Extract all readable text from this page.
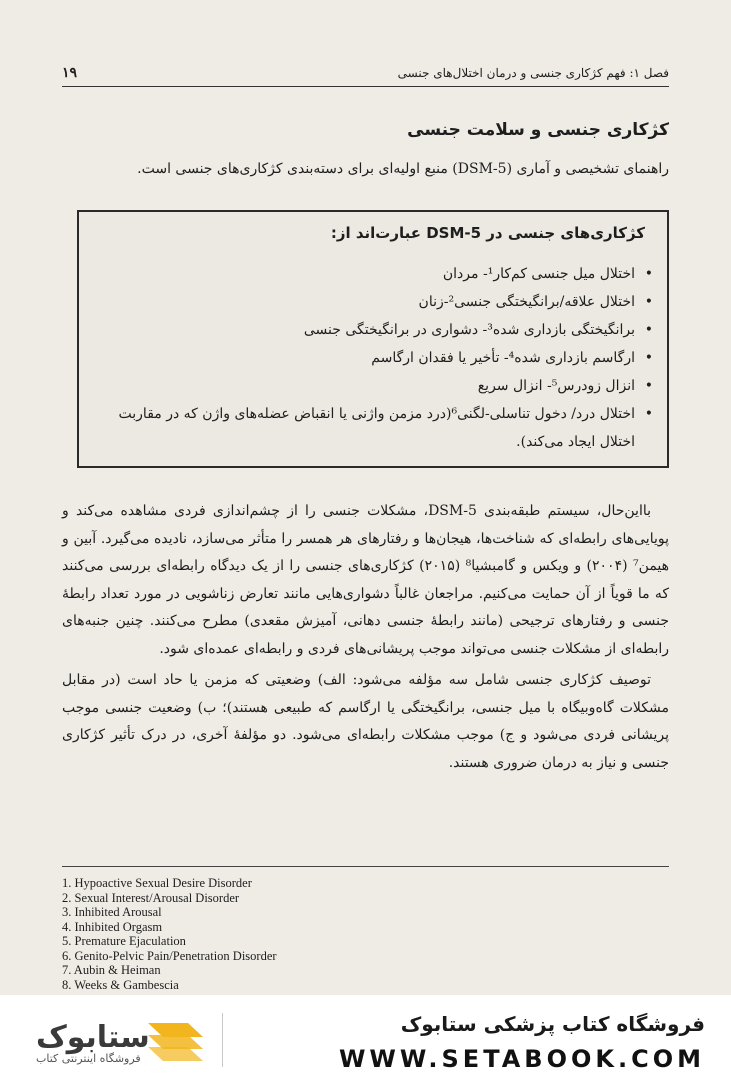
۱۹	فصل ۱: فهم کژکاری جنسی و درمان اختلال‌های جنسی
کژکاری جنسی و سلامت جنسی
راهنمای تشخیصی و آماری (DSM-5) منبع اولیه‌ای برای دسته‌بندی کژکاری‌های جنسی است.
کژکاری‌های جنسی در DSM-5 عبارت‌اند از:
•
اختلال میل جنسی کم‌کار¹- مردان
•
اختلال علاقه/برانگیختگی جنسی²-زنان
•
برانگیختگی بازداری شده³- دشواری در برانگیختگی جنسی
•
ارگاسم بازداری شده⁴- تأخیر یا فقدان ارگاسم
•
انزال زودرس⁵- انزال سریع
•
اختلال درد/ دخول تناسلی-لگنی⁶(درد مزمن واژنی یا انقباض عضله‌های واژن که در مقاربت اختلال ایجاد می‌کند).

بااین‌حال، سیستم طبقه‌بندی DSM-5، مشکلات جنسی را از چشم‌اندازی فردی مشاهده می‌کند و پویایی‌های رابطه‌ای که شناخت‌ها، هیجان‌ها و رفتارهای هر همسر را متأثر می‌سازد، نادیده می‌گیرد. آبین و هیمن⁷ (۲۰۰۴) و ویکس و گامبشیا⁸ (۲۰۱۵) کژکاری‌های جنسی را از یک دیدگاه رابطه‌ای بررسی می‌کنند که ما قویاً از آن حمایت می‌کنیم. مراجعان غالباً دشواری‌هایی مانند تعارض زناشویی در مورد تعداد رابطهٔ جنسی و رفتارهای ترجیحی (مانند رابطهٔ جنسی دهانی، آمیزش مقعدی) مطرح می‌کنند. چنین جنبه‌های رابطه‌ای از مشکلات جنسی می‌تواند موجب پریشانی‌های فردی و رابطه‌ای عمده‌ای شود.

توصیف کژکاری جنسی شامل سه مؤلفه می‌شود: الف) وضعیتی که مزمن یا حاد است (در مقابل مشکلات گاه‌وبیگاه با میل جنسی، برانگیختگی یا ارگاسم که طبیعی هستند)؛ ب) وضعیت جنسی موجب پریشانی فردی می‌شود و ج) موجب مشکلات رابطه‌ای می‌شود. دو مؤلفهٔ آخری، در درک تأثیر کژکاری جنسی و نیاز به درمان ضروری هستند.

1. Hypoactive Sexual Desire Disorder
2. Sexual Interest/Arousal Disorder
3. Inhibited Arousal
4. Inhibited Orgasm
5. Premature Ejaculation
6. Genito-Pelvic Pain/Penetration Disorder
7. Aubin & Heiman
8. Weeks & Gambescia
ستابوک
فروشگاه اینترنتی کتاب
فروشگاه کتاب پزشکی ستابوک
WWW.SETABOOK.COM
